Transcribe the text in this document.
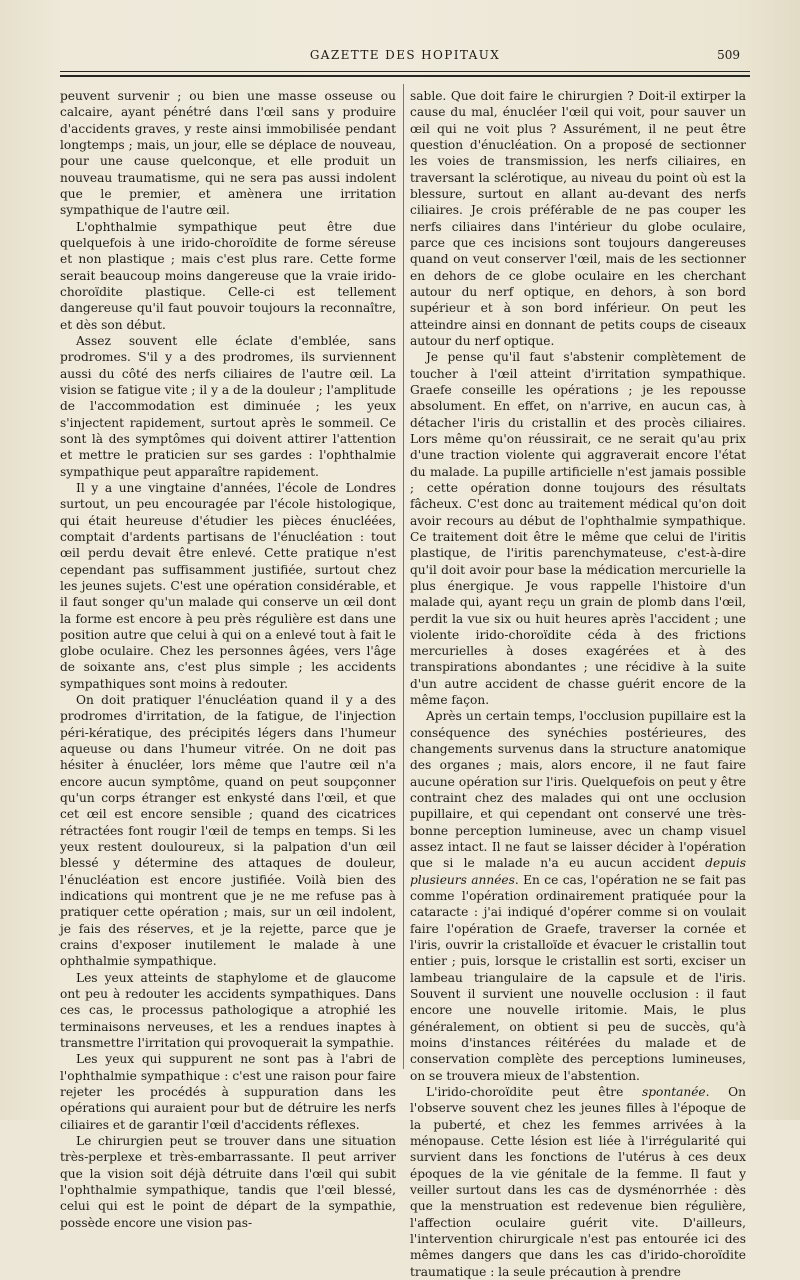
GAZETTE DES HOPITAUX	509

peuvent survenir ; ou bien une masse osseuse ou calcaire, ayant pénétré dans l'œil sans y produire d'accidents graves, y reste ainsi immobilisée pendant longtemps ; mais, un jour, elle se déplace de nouveau, pour une cause quelconque, et elle produit un nouveau traumatisme, qui ne sera pas aussi indolent que le premier, et amènera une irritation sympathique de l'autre œil.

L'ophthalmie sympathique peut être due quelquefois à une irido-choroïdite de forme séreuse et non plastique ; mais c'est plus rare. Cette forme serait beaucoup moins dangereuse que la vraie irido-choroïdite plastique. Celle-ci est tellement dangereuse qu'il faut pouvoir toujours la reconnaître, et dès son début.

Assez souvent elle éclate d'emblée, sans prodromes. S'il y a des prodromes, ils surviennent aussi du côté des nerfs ciliaires de l'autre œil. La vision se fatigue vite ; il y a de la douleur ; l'amplitude de l'accommodation est diminuée ; les yeux s'injectent rapidement, surtout après le sommeil. Ce sont là des symptômes qui doivent attirer l'attention et mettre le praticien sur ses gardes : l'ophthalmie sympathique peut apparaître rapidement.

Il y a une vingtaine d'années, l'école de Londres surtout, un peu encouragée par l'école histologique, qui était heureuse d'étudier les pièces énucléées, comptait d'ardents partisans de l'énucléation : tout œil perdu devait être enlevé. Cette pratique n'est cependant pas suffisamment justifiée, surtout chez les jeunes sujets. C'est une opération considérable, et il faut songer qu'un malade qui conserve un œil dont la forme est encore à peu près régulière est dans une position autre que celui à qui on a enlevé tout à fait le globe oculaire. Chez les personnes âgées, vers l'âge de soixante ans, c'est plus simple ; les accidents sympathiques sont moins à redouter.

On doit pratiquer l'énucléation quand il y a des prodromes d'irritation, de la fatigue, de l'injection péri-kératique, des précipités légers dans l'humeur aqueuse ou dans l'humeur vitrée. On ne doit pas hésiter à énucléer, lors même que l'autre œil n'a encore aucun symptôme, quand on peut soupçonner qu'un corps étranger est enkysté dans l'œil, et que cet œil est encore sensible ; quand des cicatrices rétractées font rougir l'œil de temps en temps. Si les yeux restent douloureux, si la palpation d'un œil blessé y détermine des attaques de douleur, l'énucléation est encore justifiée. Voilà bien des indications qui montrent que je ne me refuse pas à pratiquer cette opération ; mais, sur un œil indolent, je fais des réserves, et je la rejette, parce que je crains d'exposer inutilement le malade à une ophthalmie sympathique.

Les yeux atteints de staphylome et de glaucome ont peu à redouter les accidents sympathiques. Dans ces cas, le processus pathologique a atrophié les terminaisons nerveuses, et les a rendues inaptes à transmettre l'irritation qui provoquerait la sympathie.

Les yeux qui suppurent ne sont pas à l'abri de l'ophthalmie sympathique : c'est une raison pour faire rejeter les procédés à suppuration dans les opérations qui auraient pour but de détruire les nerfs ciliaires et de garantir l'œil d'accidents réflexes.

Le chirurgien peut se trouver dans une situation très-perplexe et très-embarrassante. Il peut arriver que la vision soit déjà détruite dans l'œil qui subit l'ophthalmie sympathique, tandis que l'œil blessé, celui qui est le point de départ de la sympathie, possède encore une vision pas-

sable. Que doit faire le chirurgien ? Doit-il extirper la cause du mal, énucléer l'œil qui voit, pour sauver un œil qui ne voit plus ? Assurément, il ne peut être question d'énucléation. On a proposé de sectionner les voies de transmission, les nerfs ciliaires, en traversant la sclérotique, au niveau du point où est la blessure, surtout en allant au-devant des nerfs ciliaires. Je crois préférable de ne pas couper les nerfs ciliaires dans l'intérieur du globe oculaire, parce que ces incisions sont toujours dangereuses quand on veut conserver l'œil, mais de les sectionner en dehors de ce globe oculaire en les cherchant autour du nerf optique, en dehors, à son bord supérieur et à son bord inférieur. On peut les atteindre ainsi en donnant de petits coups de ciseaux autour du nerf optique.

Je pense qu'il faut s'abstenir complètement de toucher à l'œil atteint d'irritation sympathique. Graefe conseille les opérations ; je les repousse absolument. En effet, on n'arrive, en aucun cas, à détacher l'iris du cristallin et des procès ciliaires. Lors même qu'on réussirait, ce ne serait qu'au prix d'une traction violente qui aggraverait encore l'état du malade. La pupille artificielle n'est jamais possible ; cette opération donne toujours des résultats fâcheux. C'est donc au traitement médical qu'on doit avoir recours au début de l'ophthalmie sympathique. Ce traitement doit être le même que celui de l'iritis plastique, de l'iritis parenchymateuse, c'est-à-dire qu'il doit avoir pour base la médication mercurielle la plus énergique. Je vous rappelle l'histoire d'un malade qui, ayant reçu un grain de plomb dans l'œil, perdit la vue six ou huit heures après l'accident ; une violente irido-choroïdite céda à des frictions mercurielles à doses exagérées et à des transpirations abondantes ; une récidive à la suite d'un autre accident de chasse guérit encore de la même façon.

Après un certain temps, l'occlusion pupillaire est la conséquence des synéchies postérieures, des changements survenus dans la structure anatomique des organes ; mais, alors encore, il ne faut faire aucune opération sur l'iris. Quelquefois on peut y être contraint chez des malades qui ont une occlusion pupillaire, et qui cependant ont conservé une très-bonne perception lumineuse, avec un champ visuel assez intact. Il ne faut se laisser décider à l'opération que si le malade n'a eu aucun accident depuis plusieurs années. En ce cas, l'opération ne se fait pas comme l'opération ordinairement pratiquée pour la cataracte : j'ai indiqué d'opérer comme si on voulait faire l'opération de Graefe, traverser la cornée et l'iris, ouvrir la cristalloïde et évacuer le cristallin tout entier ; puis, lorsque le cristallin est sorti, exciser un lambeau triangulaire de la capsule et de l'iris. Souvent il survient une nouvelle occlusion : il faut encore une nouvelle iritomie. Mais, le plus généralement, on obtient si peu de succès, qu'à moins d'instances réitérées du malade et de conservation complète des perceptions lumineuses, on se trouvera mieux de l'abstention.

L'irido-choroïdite peut être spontanée. On l'observe souvent chez les jeunes filles à l'époque de la puberté, et chez les femmes arrivées à la ménopause. Cette lésion est liée à l'irrégularité qui survient dans les fonctions de l'utérus à ces deux époques de la vie génitale de la femme. Il faut y veiller surtout dans les cas de dysménorrhée : dès que la menstruation est redevenue bien régulière, l'affection oculaire guérit vite. D'ailleurs, l'intervention chirurgicale n'est pas entourée ici des mêmes dangers que dans les cas d'irido-choroïdite traumatique : la seule précaution à prendre
